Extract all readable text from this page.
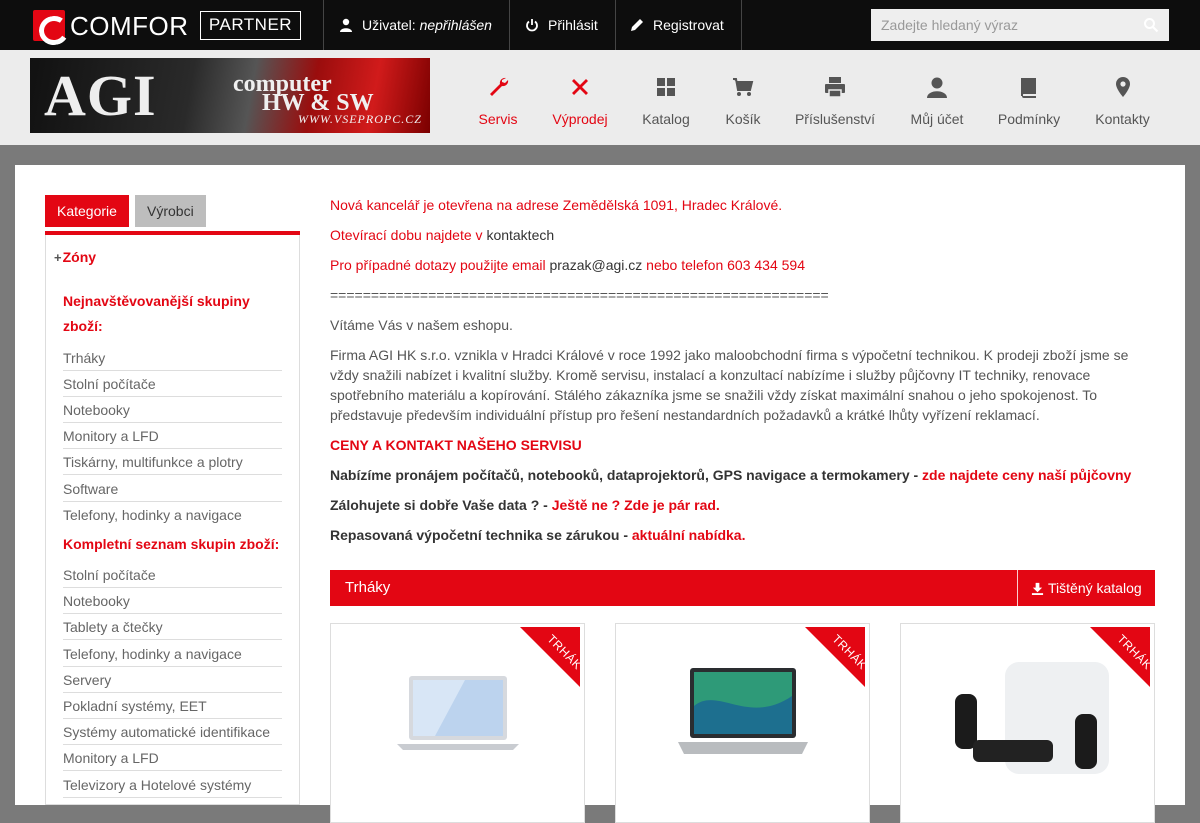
COMFOR	PARTNER	Uživatel: nepřihlášen	Přihlásit	Registrovat
Zadejte hledaný výraz
AGI	computer
HW & SW
WWW.VSEPROPC.CZ	Servis Výprodej Katalog	Košík Příslušenství	Můj účet Podmínky	Kontakty
Kategorie	Výrobci
+Zóny
Nejnavštěvovanější skupiny zboží:
Trháky
Stolní počítače
Notebooky
Monitory a LFD
Tiskárny, multifunkce a plotry
Software
Telefony, hodinky a navigace
Kompletní seznam skupin zboží:
Stolní počítače
Notebooky
Tablety a čtečky
Telefony, hodinky a navigace
Servery
Pokladní systémy, EET
Systémy automatické identifikace
Monitory a LFD
Televizory a Hotelové systémy
Nová kancelář je otevřena na adrese Zemědělská 1091, Hradec Králové.
Otevírací dobu najdete v kontaktech
Pro případné dotazy použijte email prazak@agi.cz nebo telefon 603 434 594
=============================================================
Vítáme Vás v našem eshopu.
Firma AGI HK s.r.o. vznikla v Hradci Králové v roce 1992 jako maloobchodní firma s výpočetní technikou. K prodeji zboží jsme se vždy snažili nabízet i kvalitní služby. Kromě servisu, instalací a konzultací nabízíme i služby půjčovny IT techniky, renovace spotřebního materiálu a kopírování. Stálého zákazníka jsme se snažili vždy získat maximální snahou o jeho spokojenost. To představuje především individuální přístup pro řešení nestandardních požadavků a krátké lhůty vyřízení reklamací.
CENY A KONTAKT NAŠEHO SERVISU
Nabízíme pronájem počítačů, notebooků, dataprojektorů, GPS navigace a termokamery - zde najdete ceny naší půjčovny
Zálohujete si dobře Vaše data ? - Ještě ne ? Zde je pár rad.
Repasovaná výpočetní technika se zárukou - aktuální nabídka.
Trháky	Tištěný katalog
TRHÁK	TRHÁK	TRHÁK
